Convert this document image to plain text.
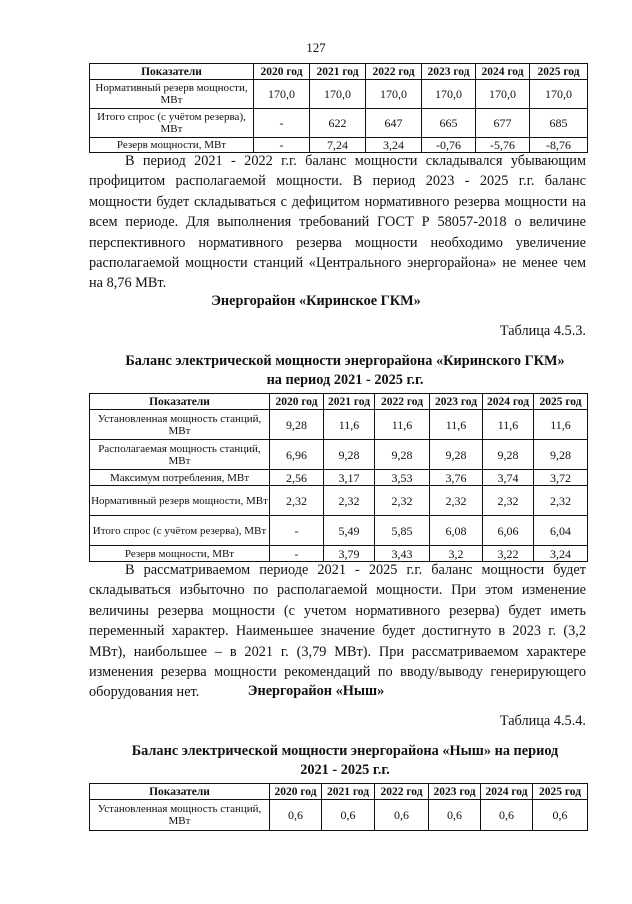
127
Показатели	2020 год	2021 год	2022 год	2023 год	2024 год	2025 год
Нормативный резерв мощности, МВт	170,0	170,0	170,0	170,0	170,0	170,0
Итого спрос (с учётом резерва), МВт	-	622	647	665	677	685
Резерв мощности, МВт	-	7,24	3,24	-0,76	-5,76	-8,76

В период 2021 - 2022 г.г. баланс мощности складывался убывающим профицитом располагаемой мощности. В период 2023 - 2025 г.г. баланс мощности будет складываться с дефицитом нормативного резерва мощности на всем периоде. Для выполнения требований ГОСТ Р 58057-2018 о величине перспективного нормативного резерва мощности необходимо увеличение располагаемой мощности станций «Центрального энергорайона» не менее чем на 8,76 МВт.

Энергорайон «Киринское ГКМ»

Таблица 4.5.3.

Баланс электрической мощности энергорайона «Киринского ГКМ»
на период 2021 - 2025 г.г.

Показатели	2020 год	2021 год	2022 год	2023 год	2024 год	2025 год
Установленная мощность станций, МВт	9,28	11,6	11,6	11,6	11,6	11,6
Располагаемая мощность станций, МВт	6,96	9,28	9,28	9,28	9,28	9,28
Максимум потребления, МВт	2,56	3,17	3,53	3,76	3,74	3,72
Нормативный резерв мощности, МВт	2,32	2,32	2,32	2,32	2,32	2,32
Итого спрос (с учётом резерва), МВт	-	5,49	5,85	6,08	6,06	6,04
Резерв мощности, МВт	-	3,79	3,43	3,2	3,22	3,24

В рассматриваемом периоде 2021 - 2025 г.г. баланс мощности будет складываться избыточно по располагаемой мощности. При этом изменение величины резерва мощности (с учетом нормативного резерва) будет иметь переменный характер. Наименьшее значение будет достигнуто в 2023 г. (3,2 МВт), наибольшее – в 2021 г. (3,79 МВт). При рассматриваемом характере изменения резерва мощности рекомендаций по вводу/выводу генерирующего оборудования нет.	Энергорайон «Ныш»

Таблица 4.5.4.

Баланс электрической мощности энергорайона «Ныш» на период
2021 - 2025 г.г.

Показатели	2020 год	2021 год	2022 год	2023 год	2024 год	2025 год
Установленная мощность станций, МВт	0,6	0,6	0,6	0,6	0,6	0,6
